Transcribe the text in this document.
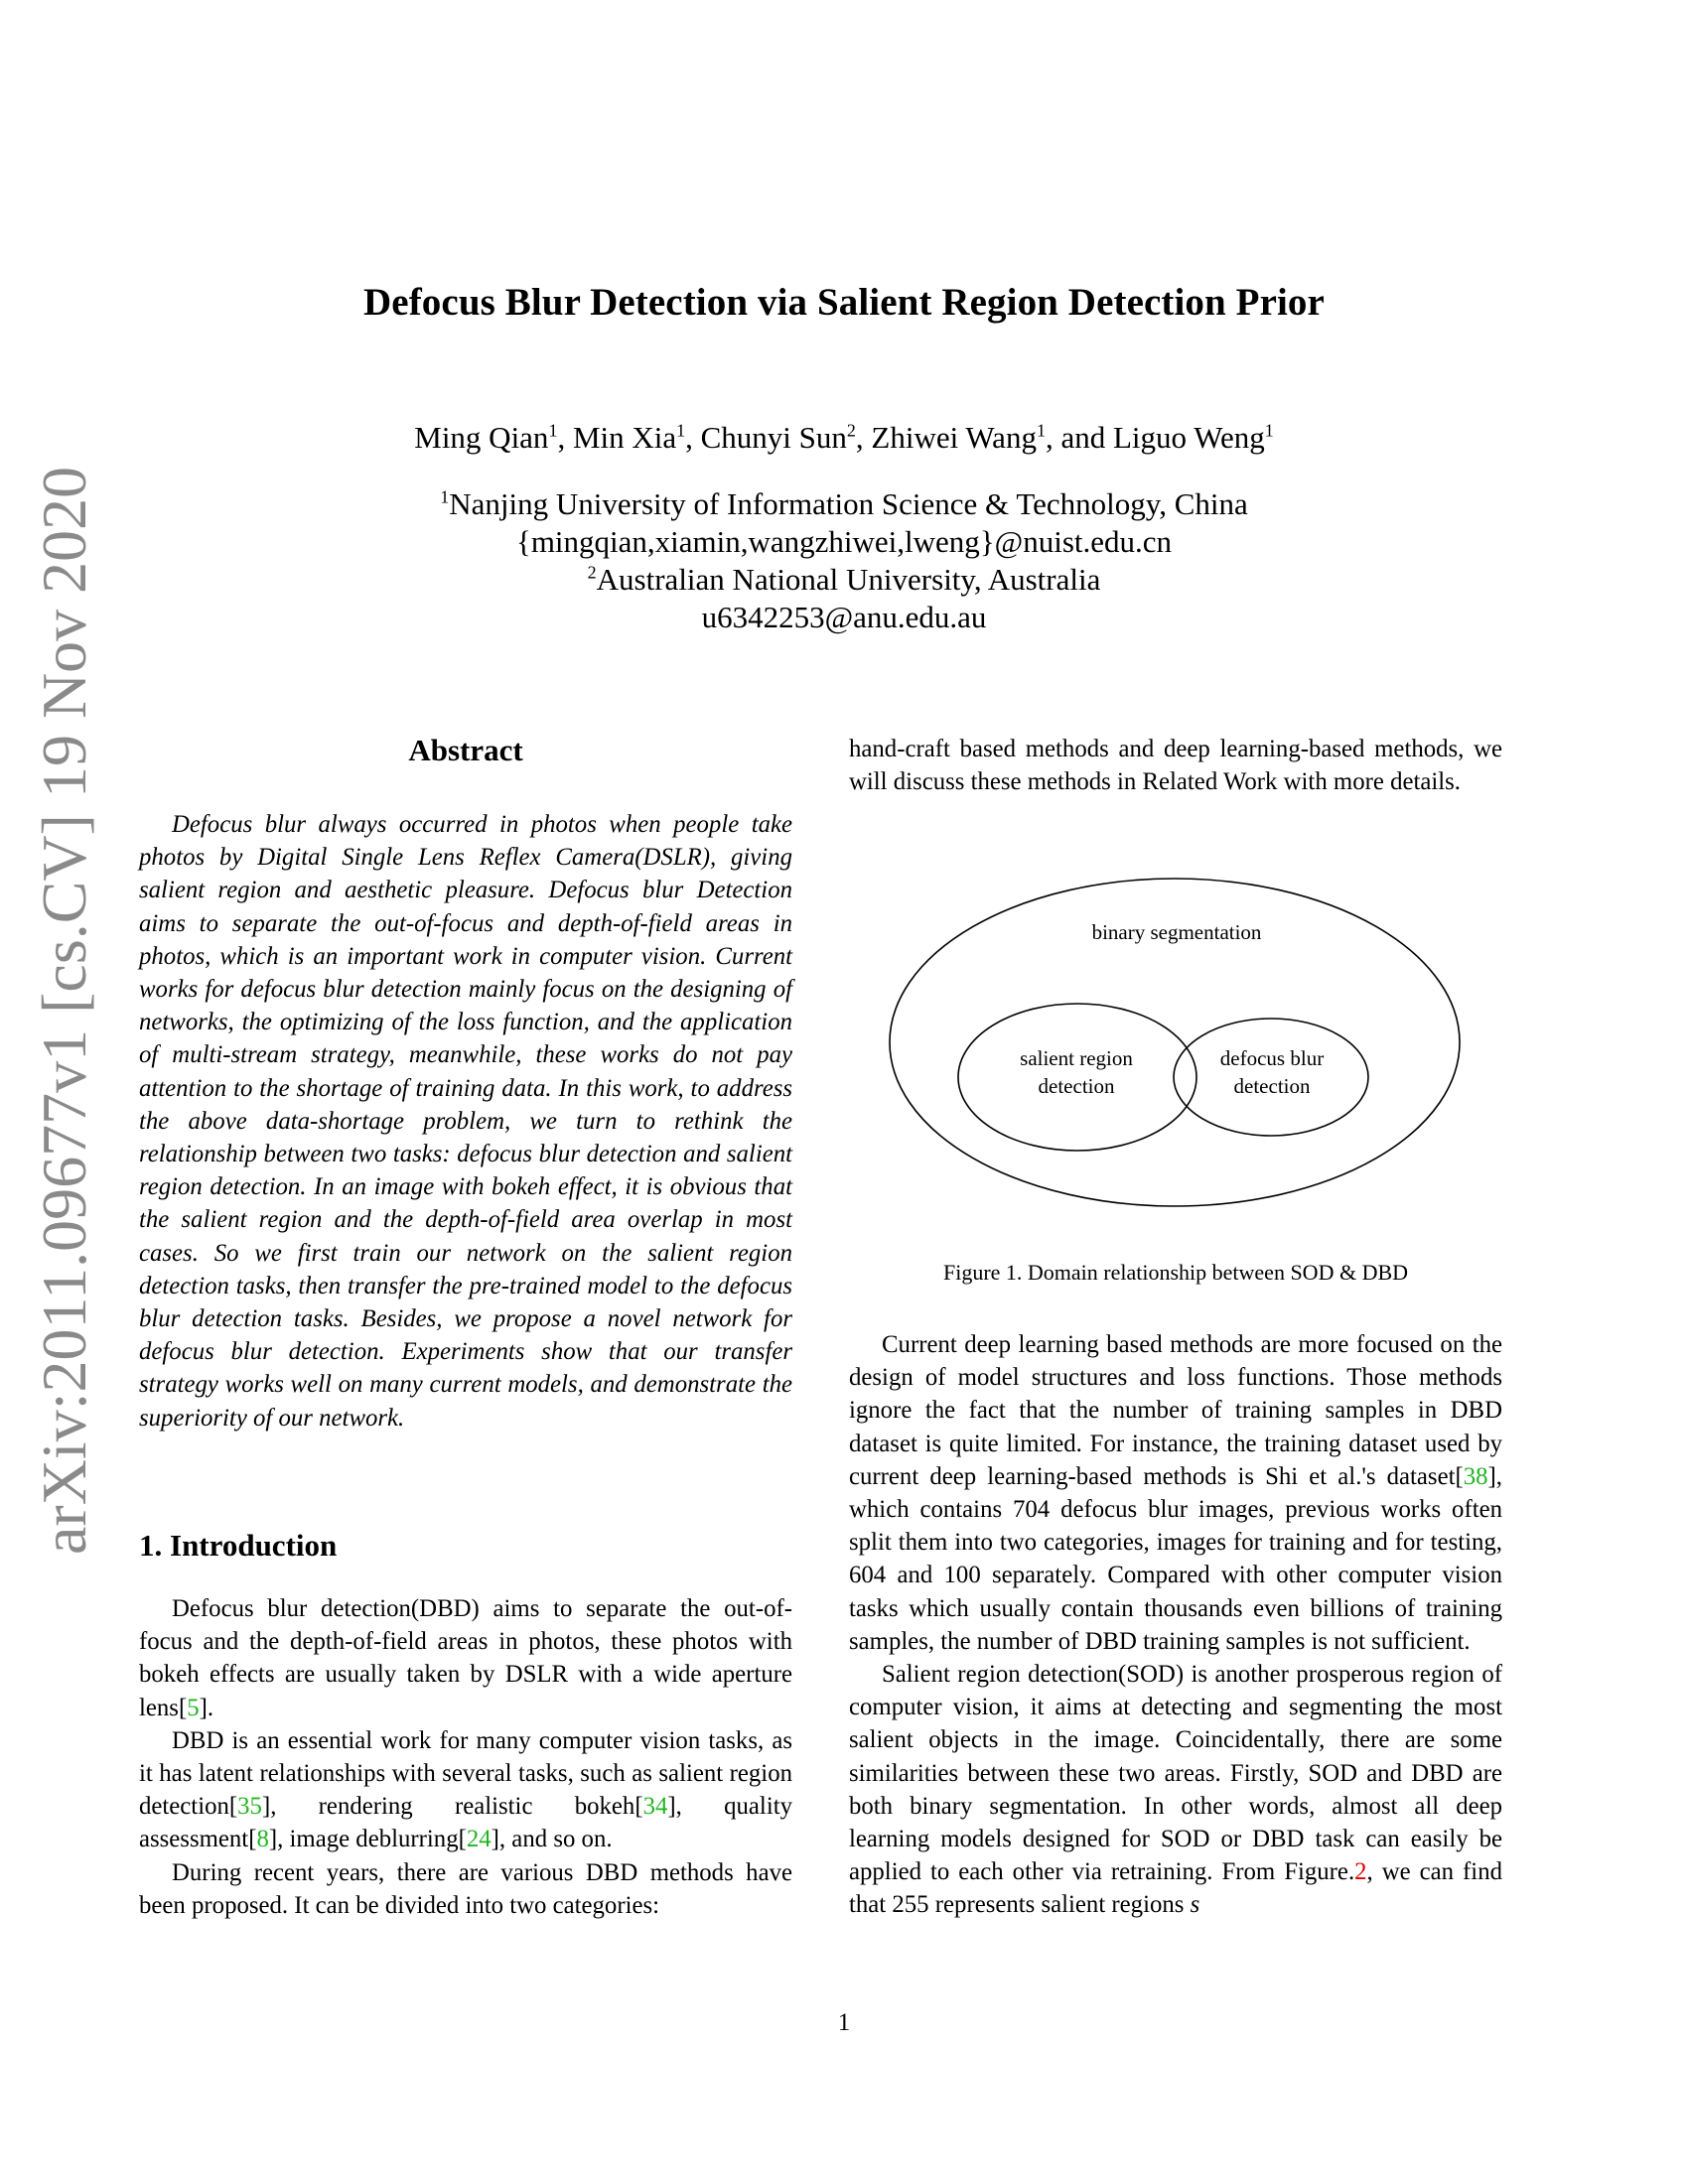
arXiv:2011.09677v1 [cs.CV] 19 Nov 2020
Defocus Blur Detection via Salient Region Detection Prior
Ming Qian$^1$, Min Xia$^1$, Chunyi Sun$^2$, Zhiwei Wang$^1$, and Liguo Weng$^1$
$^1$Nanjing University of Information Science & Technology, China
{mingqian,xiamin,wangzhiwei,lweng}@nuist.edu.cn
$^2$Australian National University, Australia
u6342253@anu.edu.au
Abstract

Defocus blur always occurred in photos when people take photos by Digital Single Lens Reflex Camera(DSLR), giving salient region and aesthetic pleasure. Defocus blur Detection aims to separate the out-of-focus and depth-of-field areas in photos, which is an important work in computer vision. Current works for defocus blur detection mainly focus on the designing of networks, the optimizing of the loss function, and the application of multi-stream strategy, meanwhile, these works do not pay attention to the shortage of training data. In this work, to address the above data-shortage problem, we turn to rethink the relationship between two tasks: defocus blur detection and salient region detection. In an image with bokeh effect, it is obvious that the salient region and the depth-of-field area overlap in most cases. So we first train our network on the salient region detection tasks, then transfer the pre-trained model to the defocus blur detection tasks. Besides, we propose a novel network for defocus blur detection. Experiments show that our transfer strategy works well on many current models, and demonstrate the superiority of our network.

1. Introduction

Defocus blur detection(DBD) aims to separate the out-of-focus and the depth-of-field areas in photos, these photos with bokeh effects are usually taken by DSLR with a wide aperture lens[5].

DBD is an essential work for many computer vision tasks, as it has latent relationships with several tasks, such as salient region detection[35], rendering realistic bokeh[34], quality assessment[8], image deblurring[24], and so on.

During recent years, there are various DBD methods have been proposed. It can be divided into two categories:

hand-craft based methods and deep learning-based methods, we will discuss these methods in Related Work with more details.

binary segmentation
salient region
detection
defocus blur
detection
Figure 1. Domain relationship between SOD & DBD

Current deep learning based methods are more focused on the design of model structures and loss functions. Those methods ignore the fact that the number of training samples in DBD dataset is quite limited. For instance, the training dataset used by current deep learning-based methods is Shi et al.'s dataset[38], which contains 704 defocus blur images, previous works often split them into two categories, images for training and for testing, 604 and 100 separately. Compared with other computer vision tasks which usually contain thousands even billions of training samples, the number of DBD training samples is not sufficient.

Salient region detection(SOD) is another prosperous region of computer vision, it aims at detecting and segmenting the most salient objects in the image. Coincidentally, there are some similarities between these two areas. Firstly, SOD and DBD are both binary segmentation. In other words, almost all deep learning models designed for SOD or DBD task can easily be applied to each other via retraining. From Figure.2, we can find that 255 represents salient regions s

1
